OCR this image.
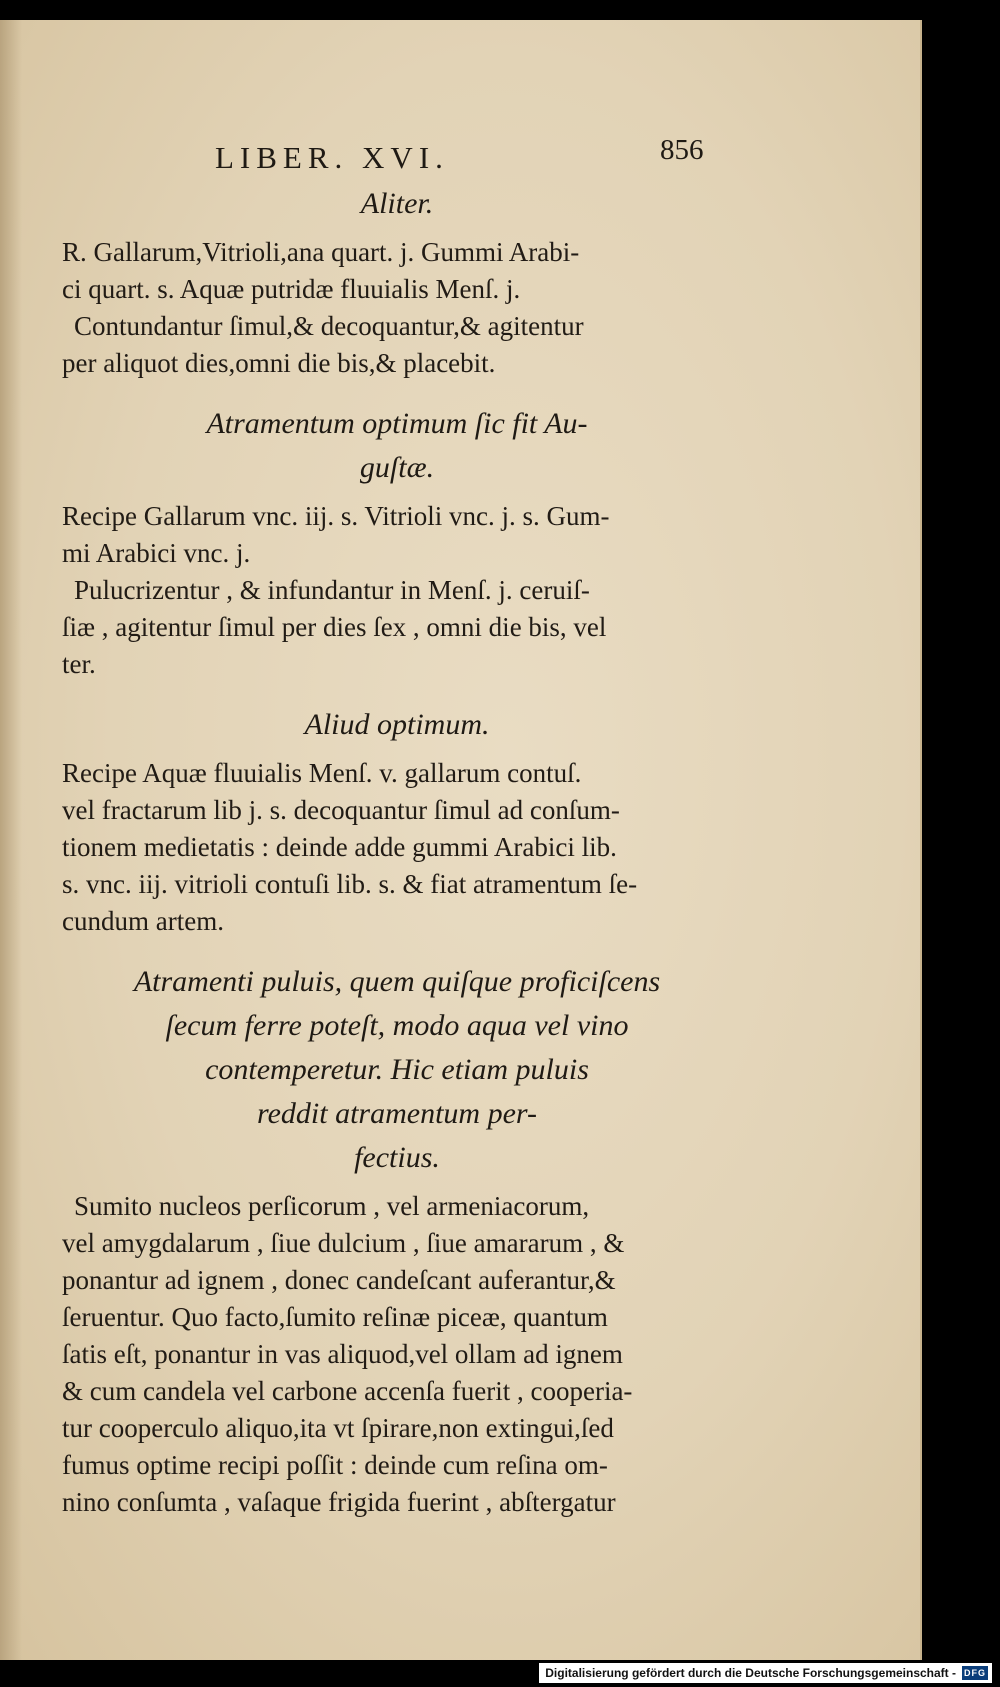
LIBER. XVI.	856
Aliter.
R. Gallarum,Vitrioli,ana quart. j. Gummi Arabi-
ci quart. s. Aquæ putridæ fluuialis Menſ. j.
Contundantur ſimul,& decoquantur,& agitentur
per aliquot dies,omni die bis,& placebit.
Atramentum optimum ſic fit Au-
guſtæ.
Recipe Gallarum vnc. iij. s. Vitrioli vnc. j. s. Gum-
mi Arabici vnc. j.
Pulucrizentur , & infundantur in Menſ. j. ceruiſ-
ſiæ , agitentur ſimul per dies ſex , omni die bis, vel
ter.
Aliud optimum.
Recipe Aquæ fluuialis Menſ. v. gallarum contuſ.
vel fractarum lib j. s. decoquantur ſimul ad conſum-
tionem medietatis : deinde adde gummi Arabici lib.
s. vnc. iij. vitrioli contuſi lib. s. & fiat atramentum ſe-
cundum artem.
Atramenti puluis, quem quiſque proficiſcens
ſecum ferre poteſt, modo aqua vel vino
contemperetur. Hic etiam puluis
reddit atramentum per-
fectius.
Sumito nucleos perſicorum , vel armeniacorum,
vel amygdalarum , ſiue dulcium , ſiue amararum , &
ponantur ad ignem , donec candeſcant auferantur,&
ſeruentur. Quo facto,ſumito reſinæ piceæ, quantum
ſatis eſt, ponantur in vas aliquod,vel ollam ad ignem
& cum candela vel carbone accenſa fuerit , cooperia-
tur cooperculo aliquo,ita vt ſpirare,non extingui,ſed
fumus optime recipi poſſit : deinde cum reſina om-
nino conſumta , vaſaque frigida fuerint , abſtergatur
Digitalisierung gefördert durch die Deutsche Forschungsgemeinschaft - DFG
